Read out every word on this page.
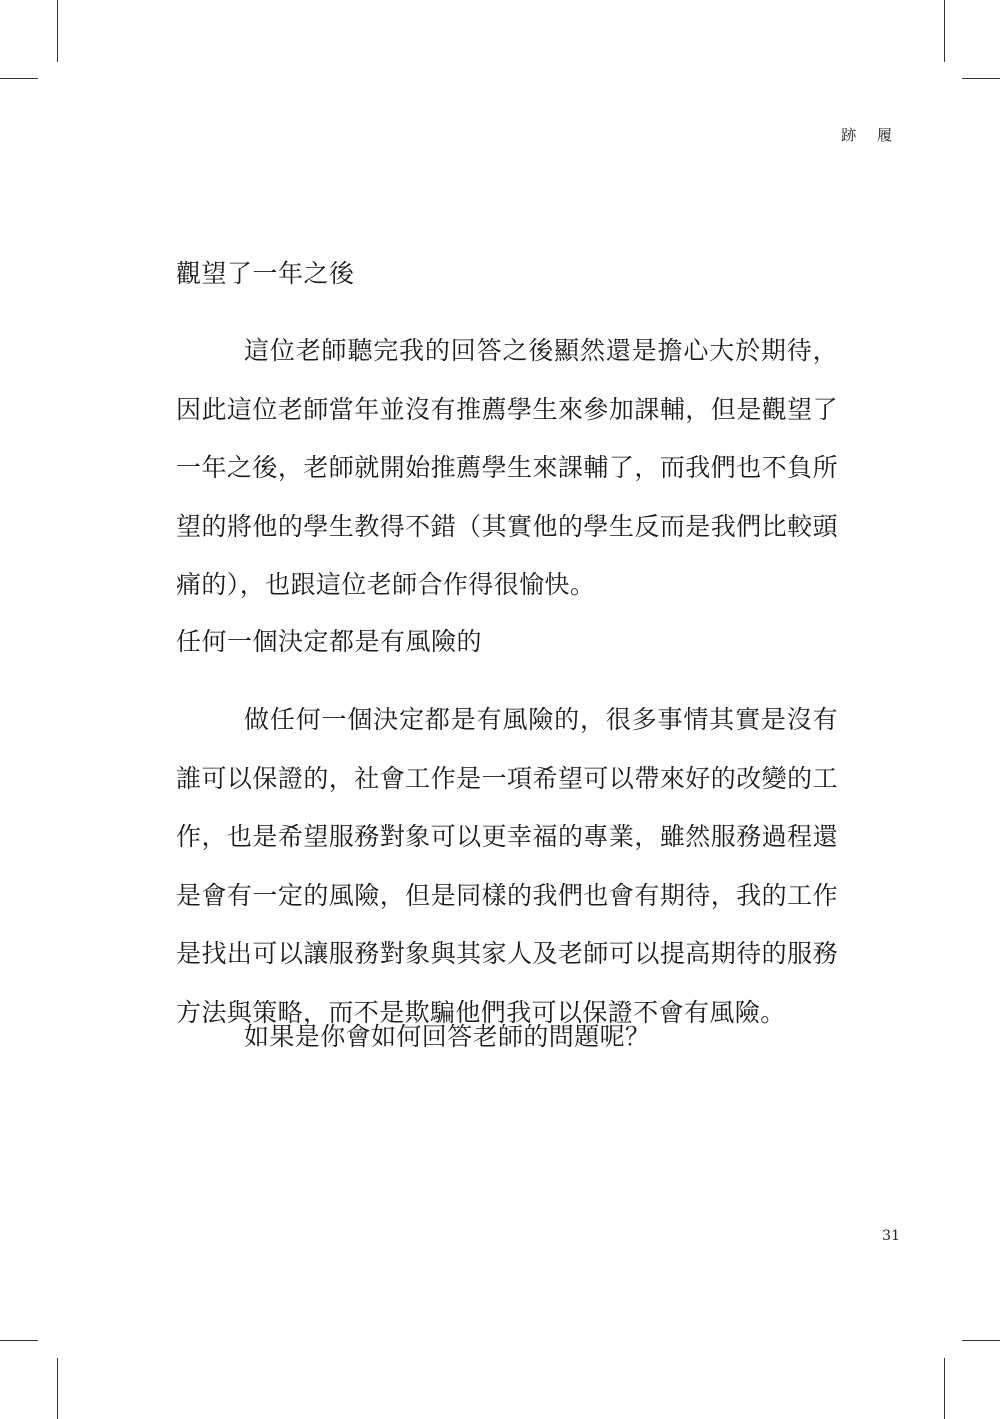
跡 履
觀望了一年之後

這位老師聽完我的回答之後顯然還是擔心大於期待，因此這位老師當年並沒有推薦學生來參加課輔，但是觀望了一年之後，老師就開始推薦學生來課輔了，而我們也不負所望的將他的學生教得不錯（其實他的學生反而是我們比較頭痛的），也跟這位老師合作得很愉快。

任何一個決定都是有風險的

做任何一個決定都是有風險的，很多事情其實是沒有誰可以保證的，社會工作是一項希望可以帶來好的改變的工作，也是希望服務對象可以更幸福的專業，雖然服務過程還是會有一定的風險，但是同樣的我們也會有期待，我的工作是找出可以讓服務對象與其家人及老師可以提高期待的服務方法與策略，而不是欺騙他們我可以保證不會有風險。

如果是你會如何回答老師的問題呢？

31
